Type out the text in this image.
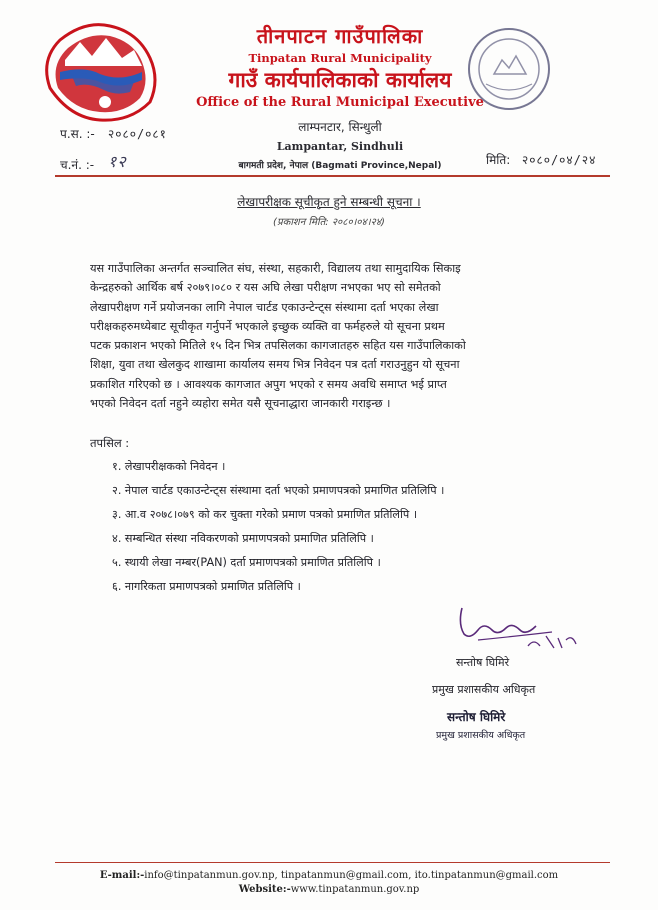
तीनपाटन गाउँपालिका
Tinpatan Rural Municipality
गाउँ कार्यपालिकाको कार्यालय
Office of the Rural Municipal Executive
लाम्पनटार, सिन्धुली
Lampantar, Sindhuli
बागमती प्रदेश, नेपाल (Bagmati Province,Nepal)
प.स. :- २०८०/०८१
च.नं. :- १२	मिति: २०८०/०४/२४
लेखापरीक्षक सूचीकृत हुने सम्बन्धी सूचना ।
(प्रकाशन मिति: २०८०।०४।२४)
यस गाउँपालिका अन्तर्गत सञ्चालित संघ, संस्था, सहकारी, विद्यालय तथा सामुदायिक सिकाइ
केन्द्रहरुको आर्थिक बर्ष २०७९।०८० र यस अघि लेखा परीक्षण नभएका भए सो समेतको
लेखापरीक्षण गर्ने प्रयोजनका लागि नेपाल चार्टड एकाउन्टेन्ट्स संस्थामा दर्ता भएका लेखा
परीक्षकहरुमध्येबाट सूचीकृत गर्नुपर्ने भएकाले इच्छुक व्यक्ति वा फर्महरुले यो सूचना प्रथम
पटक प्रकाशन भएको मितिले १५ दिन भित्र तपसिलका कागजातहरु सहित यस गाउँपालिकाको
शिक्षा, युवा तथा खेलकुद शाखामा कार्यालय समय भित्र निवेदन पत्र दर्ता गराउनुहुन यो सूचना
प्रकाशित गरिएको छ । आवश्यक कागजात अपुग भएको र समय अवधि समाप्त भई प्राप्त
भएको निवेदन दर्ता नहुने व्यहोरा समेत यसै सूचनाद्धारा जानकारी गराइन्छ ।
तपसिल :
१. लेखापरीक्षकको निवेदन ।
२. नेपाल चार्टड एकाउन्टेन्ट्स संस्थामा दर्ता भएको प्रमाणपत्रको प्रमाणित प्रतिलिपि ।
३. आ.व २०७८।०७९ को कर चुक्ता गरेको प्रमाण पत्रको प्रमाणित प्रतिलिपि ।
४. सम्बन्धित संस्था नविकरणको प्रमाणपत्रको प्रमाणित प्रतिलिपि ।
५. स्थायी लेखा नम्बर(PAN) दर्ता प्रमाणपत्रको प्रमाणित प्रतिलिपि ।
६. नागरिकता प्रमाणपत्रको प्रमाणित प्रतिलिपि ।
सन्तोष घिमिरे
प्रमुख प्रशासकीय अधिकृत
सन्तोष घिमिरे
प्रमुख प्रशासकीय अधिकृत
E-mail:-info@tinpatanmun.gov.np, tinpatanmun@gmail.com, ito.tinpatanmun@gmail.com
Website:-www.tinpatanmun.gov.np
